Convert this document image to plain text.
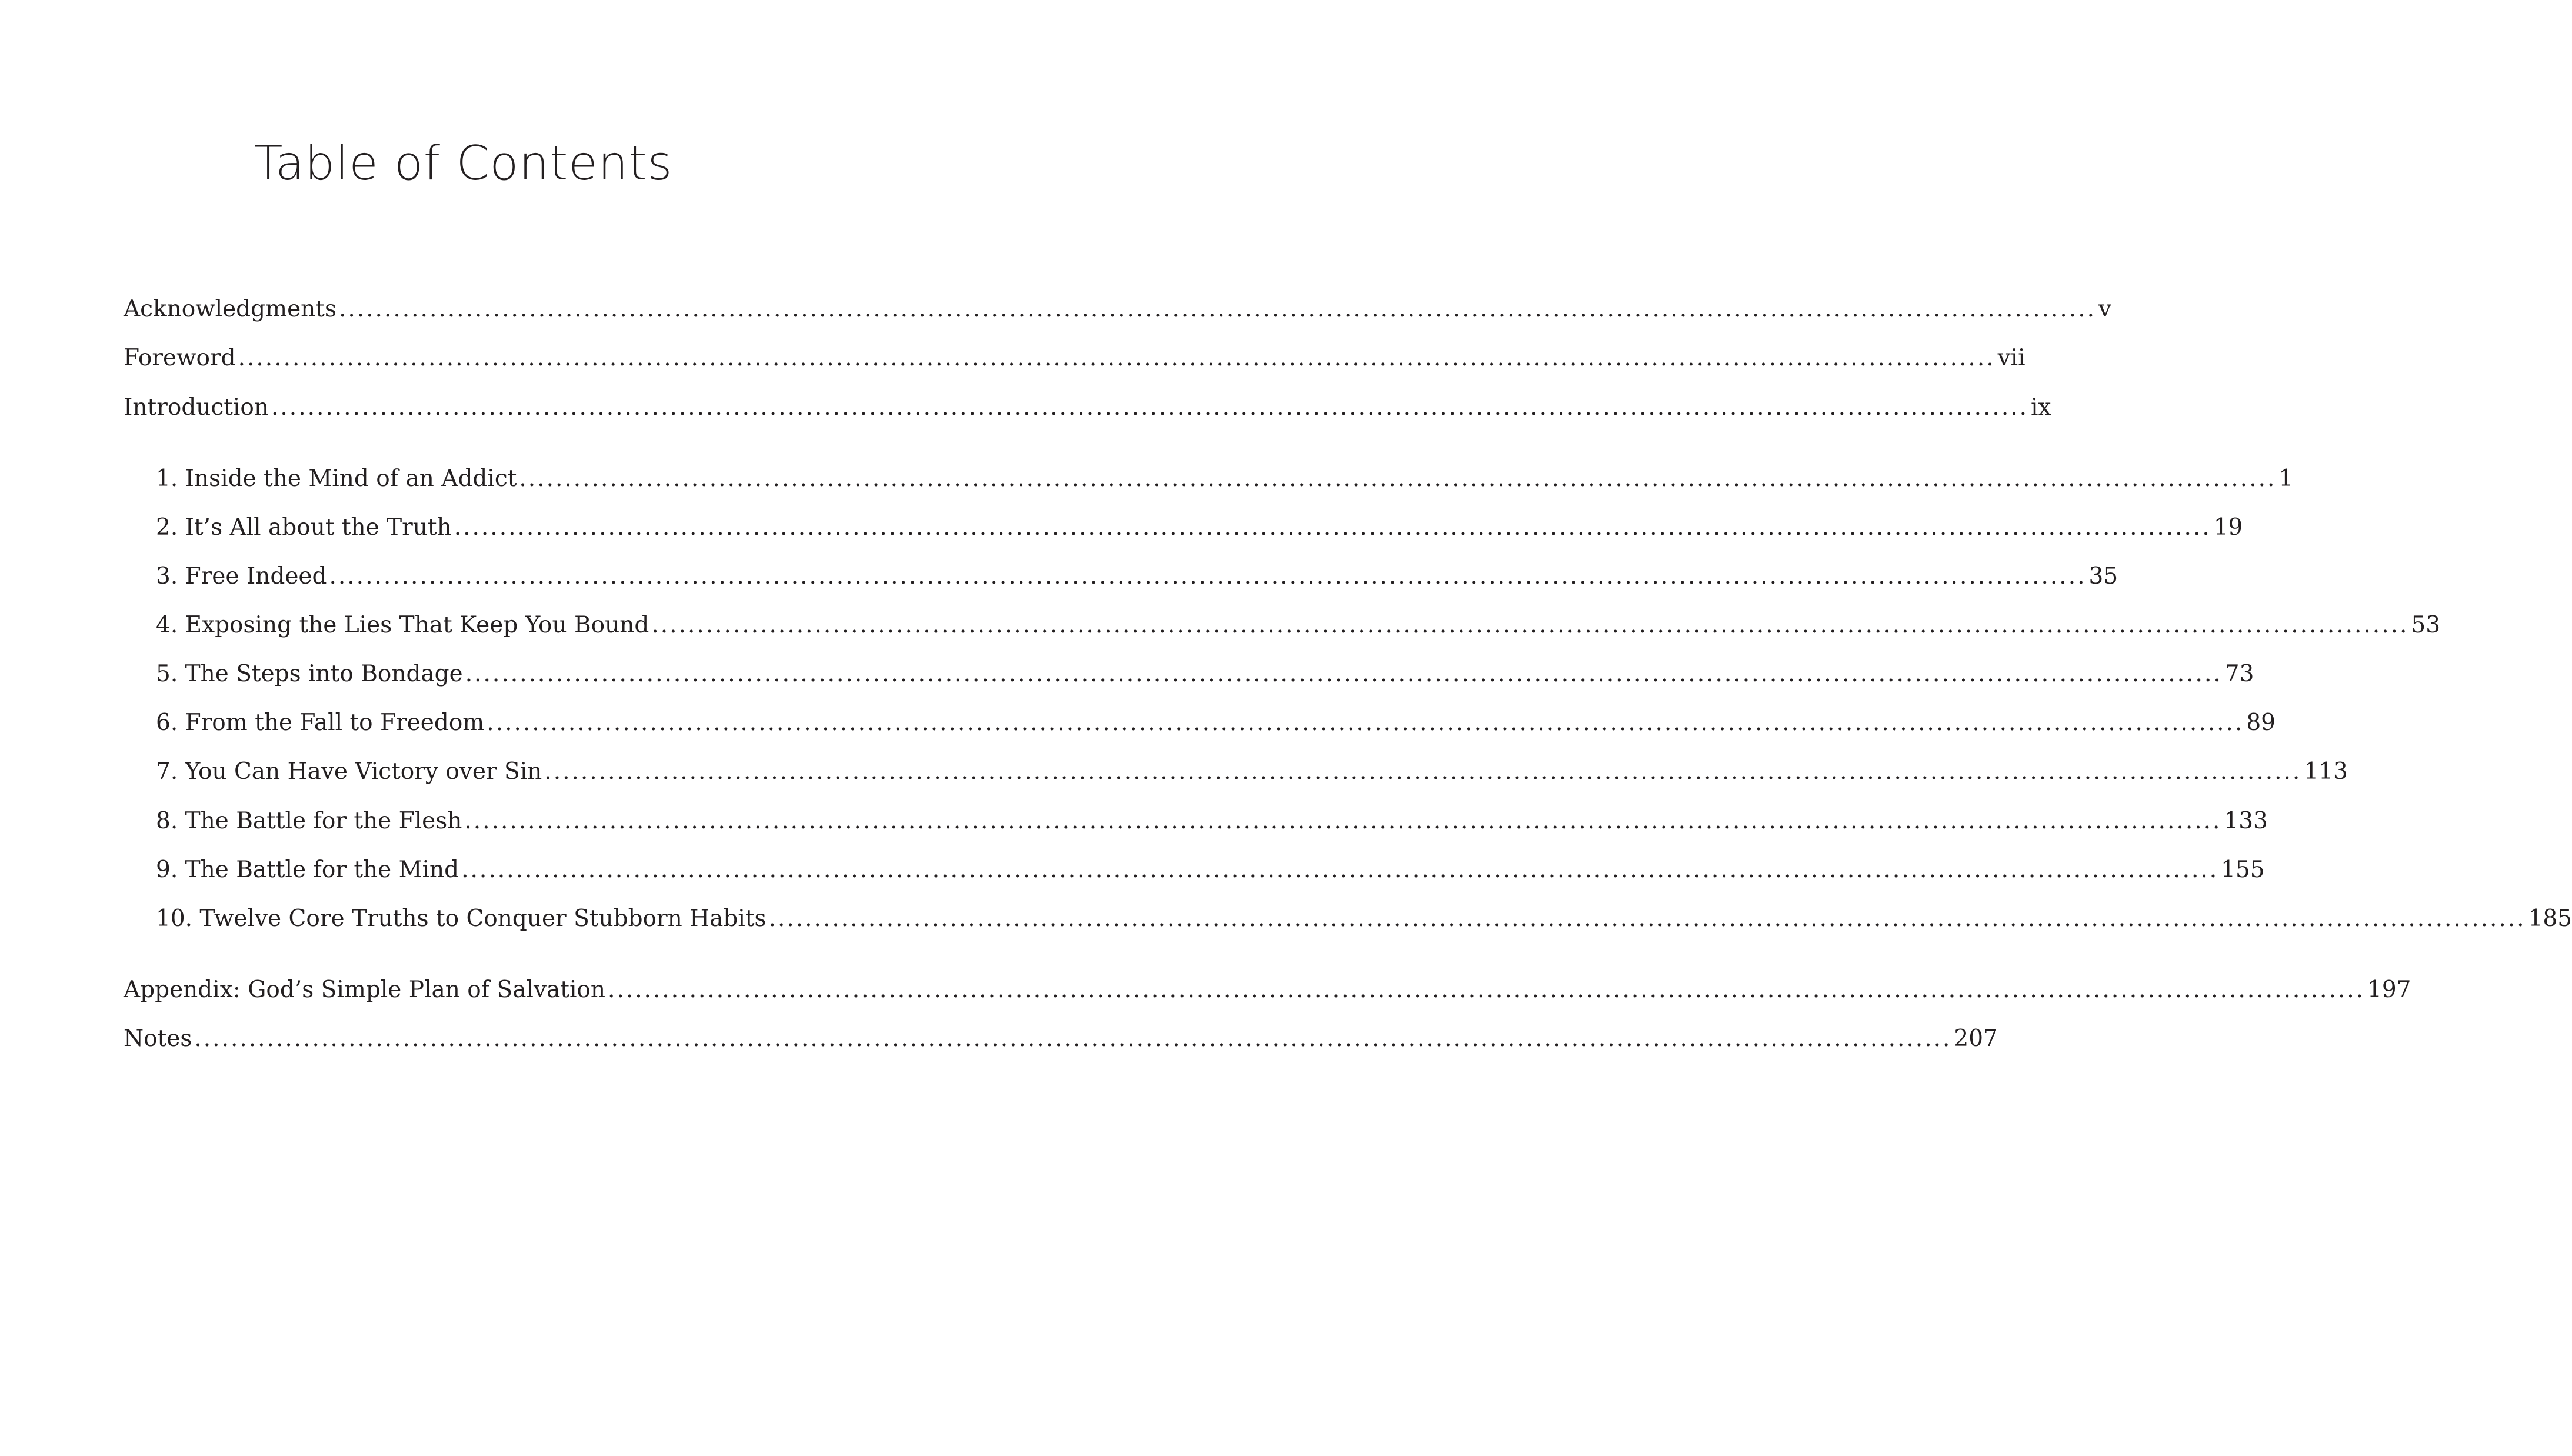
Table of Contents
Acknowledgments .................................................................................................................................................................................................. v
Foreword .................................................................................................................................................................................................. vii
Introduction .................................................................................................................................................................................................. ix
1. Inside the Mind of an Addict .................................................................................................................................................................................................. 1
2. It’s All about the Truth .................................................................................................................................................................................................. 19
3. Free Indeed .................................................................................................................................................................................................. 35
4. Exposing the Lies That Keep You Bound .................................................................................................................................................................................................. 53
5. The Steps into Bondage .................................................................................................................................................................................................. 73
6. From the Fall to Freedom .................................................................................................................................................................................................. 89
7. You Can Have Victory over Sin .................................................................................................................................................................................................. 113
8. The Battle for the Flesh .................................................................................................................................................................................................. 133
9. The Battle for the Mind .................................................................................................................................................................................................. 155
10. Twelve Core Truths to Conquer Stubborn Habits .................................................................................................................................................................................................. 185
Appendix: God’s Simple Plan of Salvation .................................................................................................................................................................................................. 197
Notes .................................................................................................................................................................................................. 207
